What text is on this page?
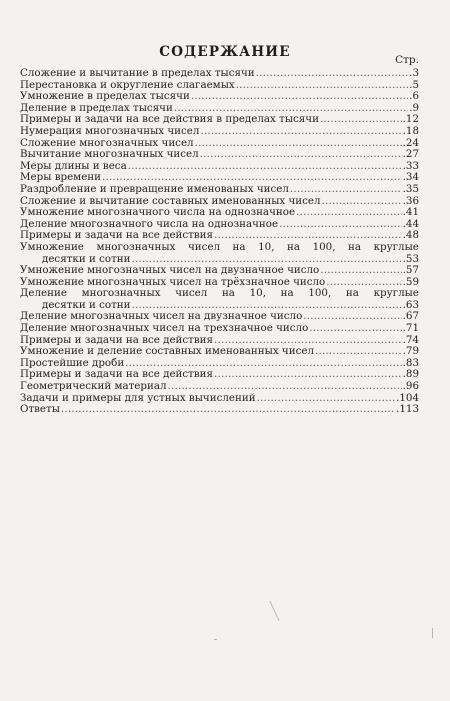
СОДЕРЖАНИЕ	Стр.
Сложение и вычитание в пределах тысячи .....	. 3
Перестановка и округление слагаемых .....	. 5
Умножение в пределах тысячи .....	. 6
Деление в пределах тысячи .....	. 9
Примеры и задачи на все действия в пределах тысячи .....	. 12
Нумерация многозначных чисел .....	. 18
Сложение многозначных чисел .....	. 24
Вычитание многозначных чисел .....	. 27
Меры длины и веса .....	. 33
Меры времени .....	. 34
Раздробление и превращение именованых чисел .....	. 35
Сложение и вычитание составных именованных чисел .....	. 36
Умножение многозначного числа на однозначное .....	. 41
Деление многозначного числа на однозначное .....	. 44
Примеры и задачи на все действия .....	. 48
Умножение многозначных чисел на 10, на 100, на круглые
десятки и сотни .....	. 53
Умножение многозначных чисел на двузначное число .....	. 57
Умножение многозначных чисел на трёхзначное число .....	. 59
Деление многозначных чисел на 10, на 100, на круглые
десятки и сотни .....	. 63
Деление многозначных чисел на двузначное число .....	. 67
Деление многозначных чисел на трехзначное число .....	. 71
Примеры и задачи на все действия .....	. 74
Умножение и деление составных именованных чисел .....	. 79
Простейшие дроби .....	. 83
Примеры и задачи на все действия .....	. 89
Геометрический материал .....	. 96
Задачи и примеры для устных вычислений .....	. 104
Ответы .....	. 113
